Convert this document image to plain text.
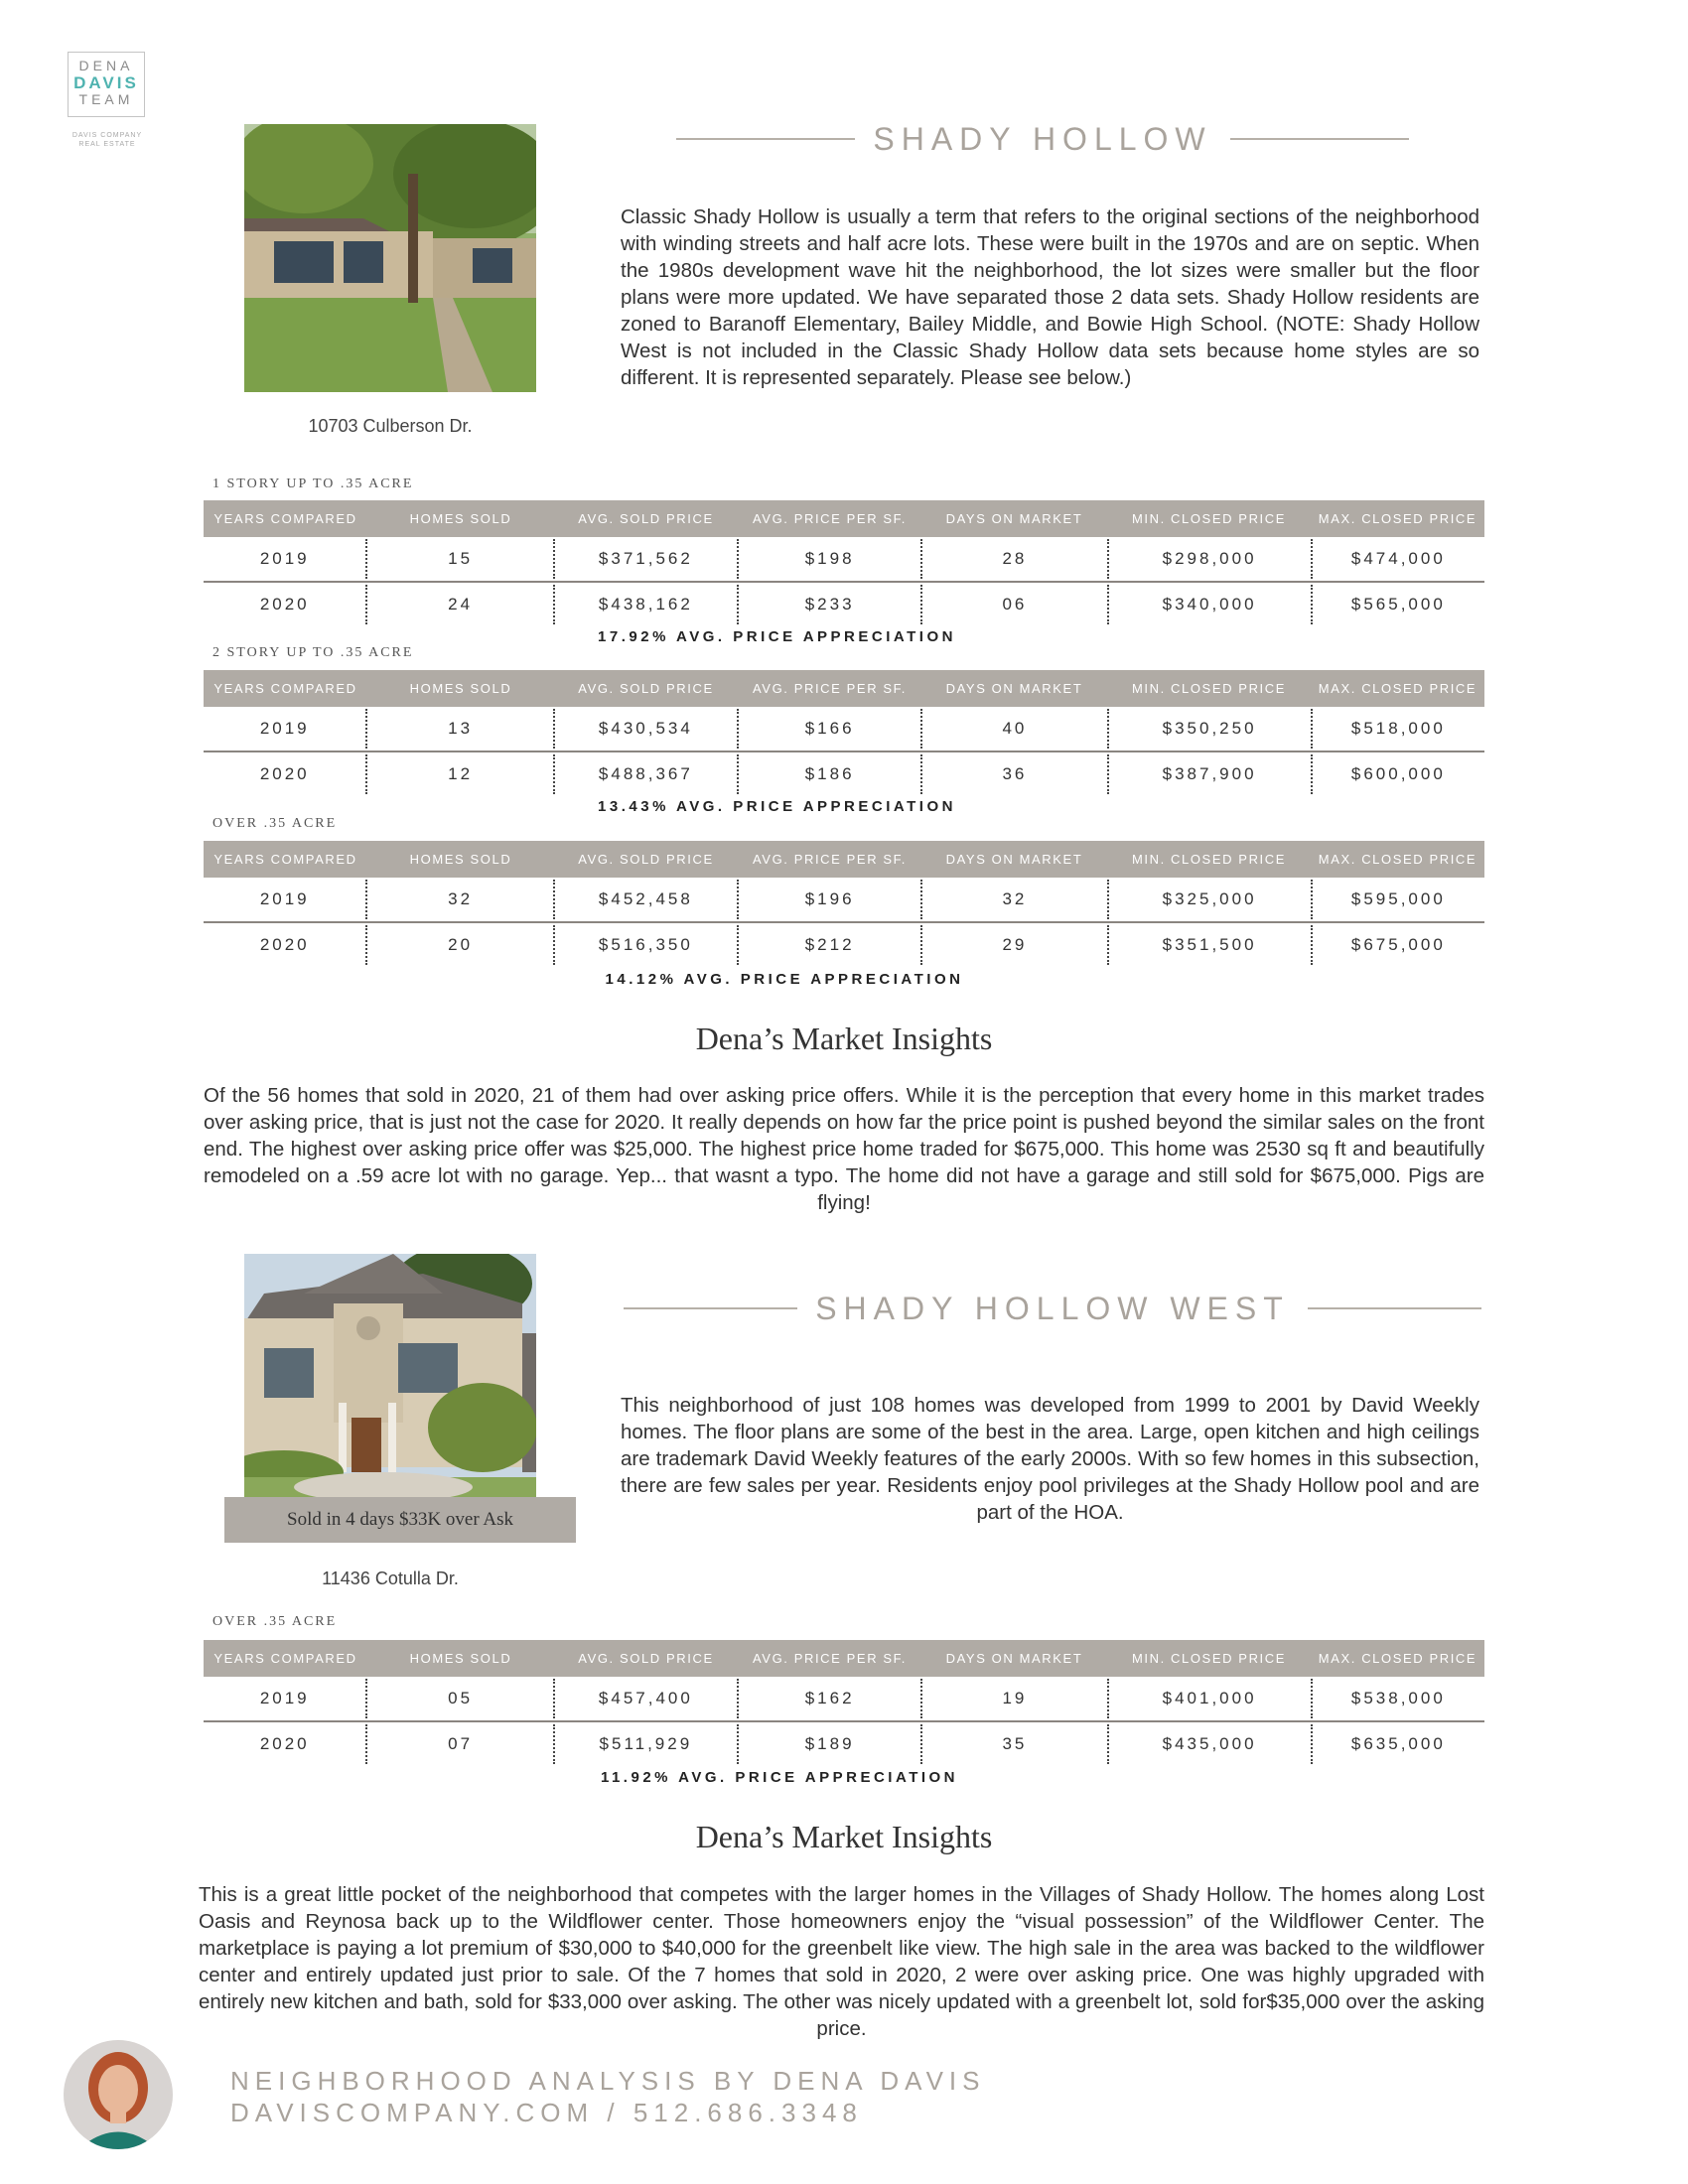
DENA
DAVIS
TEAM
DAVIS COMPANY
REAL ESTATE
10703 Culberson Dr.
SHADY HOLLOW
Classic Shady Hollow is usually a term that refers to the original sections of the neighborhood with winding streets and half acre lots. These were built in the 1970s and are on septic. When the 1980s development wave hit the neighborhood, the lot sizes were smaller but the floor plans were more updated. We have separated those 2 data sets. Shady Hollow residents are zoned to Baranoff Elementary, Bailey Middle, and Bowie High School. (NOTE: Shady Hollow West is not included in the Classic Shady Hollow data sets because home styles are so different. It is represented separately. Please see below.)
1 STORY UP TO .35 ACRE
YEARS COMPARED	HOMES SOLD	AVG. SOLD PRICE	AVG. PRICE PER SF.	DAYS ON MARKET	MIN. CLOSED PRICE	MAX. CLOSED PRICE
2019	15	$371,562	$198	28	$298,000	$474,000
2020	24	$438,162	$233	06	$340,000	$565,000
17.92% AVG. PRICE APPRECIATION
2 STORY UP TO .35 ACRE
YEARS COMPARED	HOMES SOLD	AVG. SOLD PRICE	AVG. PRICE PER SF.	DAYS ON MARKET	MIN. CLOSED PRICE	MAX. CLOSED PRICE
2019	13	$430,534	$166	40	$350,250	$518,000
2020	12	$488,367	$186	36	$387,900	$600,000
13.43% AVG. PRICE APPRECIATION
OVER .35 ACRE
YEARS COMPARED	HOMES SOLD	AVG. SOLD PRICE	AVG. PRICE PER SF.	DAYS ON MARKET	MIN. CLOSED PRICE	MAX. CLOSED PRICE
2019	32	$452,458	$196	32	$325,000	$595,000
2020	20	$516,350	$212	29	$351,500	$675,000
14.12% AVG. PRICE APPRECIATION
Dena’s Market Insights
Of the 56 homes that sold in 2020, 21 of them had over asking price offers. While it is the perception that every home in this market trades over asking price, that is just not the case for 2020. It really depends on how far the price point is pushed beyond the similar sales on the front end. The highest over asking price offer was $25,000. The highest price home traded for $675,000. This home was 2530 sq ft and beautifully remodeled on a .59 acre lot with no garage. Yep... that wasnt a typo. The home did not have a garage and still sold for $675,000. Pigs are flying!
Sold in 4 days $33K over Ask
11436 Cotulla Dr.
SHADY HOLLOW WEST
This neighborhood of just 108 homes was developed from 1999 to 2001 by David Weekly homes. The floor plans are some of the best in the area. Large, open kitchen and high ceilings are trademark David Weekly features of the early 2000s. With so few homes in this subsection, there are few sales per year. Residents enjoy pool privileges at the Shady Hollow pool and are part of the HOA.
OVER .35 ACRE
YEARS COMPARED	HOMES SOLD	AVG. SOLD PRICE	AVG. PRICE PER SF.	DAYS ON MARKET	MIN. CLOSED PRICE	MAX. CLOSED PRICE
2019	05	$457,400	$162	19	$401,000	$538,000
2020	07	$511,929	$189	35	$435,000	$635,000
11.92% AVG. PRICE APPRECIATION
Dena’s Market Insights
This is a great little pocket of the neighborhood that competes with the larger homes in the Villages of Shady Hollow. The homes along Lost Oasis and Reynosa back up to the Wildflower center. Those homeowners enjoy the “visual possession” of the Wildflower Center. The marketplace is paying a lot premium of $30,000 to $40,000 for the greenbelt like view. The high sale in the area was backed to the wildflower center and entirely updated just prior to sale. Of the 7 homes that sold in 2020, 2 were over asking price. One was highly upgraded with entirely new kitchen and bath, sold for $33,000 over asking. The other was nicely updated with a greenbelt lot, sold for$35,000 over the asking price.
NEIGHBORHOOD ANALYSIS BY DENA DAVIS
DAVISCOMPANY.COM / 512.686.3348
